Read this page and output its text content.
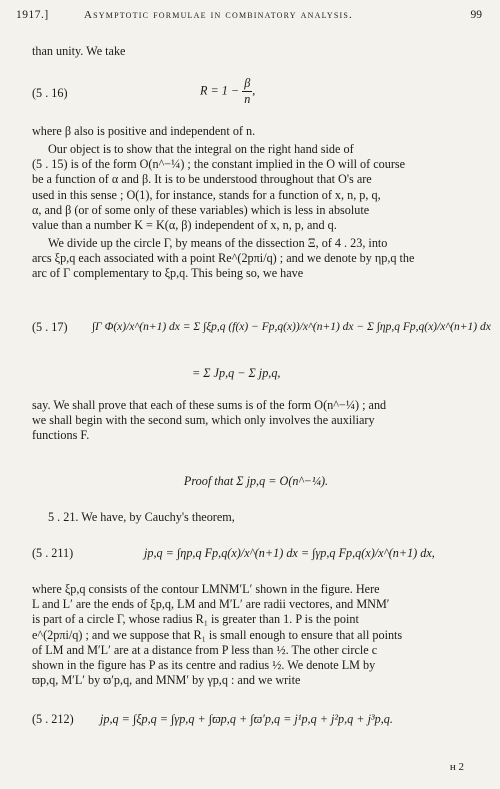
1917.]	Asymptotic formulae in combinatory analysis.	99
than unity. We take
(5 . 16)	$R = 1 - \frac{\beta}{n}$ ,
where β also is positive and independent of n.
Our object is to show that the integral on the right hand side of
(5 . 15) is of the form O(n^−¼) ; the constant implied in the O will of course
be a function of α and β. It is to be understood throughout that O's are
used in this sense ; O(1), for instance, stands for a function of x, n, p, q,
α, and β (or of some only of these variables) which is less in absolute
value than a number K = K(α, β) independent of x, n, p, and q.
We divide up the circle Γ, by means of the dissection Ξ, of 4 . 23, into
arcs ξp,q each associated with a point Re^(2pπi/q) ; and we denote by ηp,q the
arc of Γ complementary to ξp,q. This being so, we have
(5 . 17) ∫Γ Φ(x)/x^(n+1) dx = Σ ∫ξp,q (f(x) − Fp,q(x))/x^(n+1) dx − Σ ∫ηp,q Fp,q(x)/x^(n+1) dx
= Σ Jp,q − Σ jp,q,
say. We shall prove that each of these sums is of the form O(n^−¼) ; and
we shall begin with the second sum, which only involves the auxiliary
functions F.
Proof that Σ jp,q = O(n^−¼).
5 . 21. We have, by Cauchy's theorem,
(5 . 211)	jp,q = ∫ηp,q Fp,q(x)/x^(n+1) dx = ∫γp,q Fp,q(x)/x^(n+1) dx,
where ξp,q consists of the contour LMNM′L′ shown in the figure. Here
L and L′ are the ends of ξp,q, LM and M′L′ are radii vectores, and MNM′
is part of a circle Γ, whose radius R₁ is greater than 1. P is the point
e^(2pπi/q) ; and we suppose that R₁ is small enough to ensure that all points
of LM and M′L′ are at a distance from P less than ½. The other circle c
shown in the figure has P as its centre and radius ½. We denote LM by
ϖp,q, M′L′ by ϖ′p,q, and MNM′ by γp,q : and we write
(5 . 212) jp,q = ∫ξp,q = ∫γp,q + ∫ϖp,q + ∫ϖ′p,q = j¹p,q + j²p,q + j³p,q.
н 2
